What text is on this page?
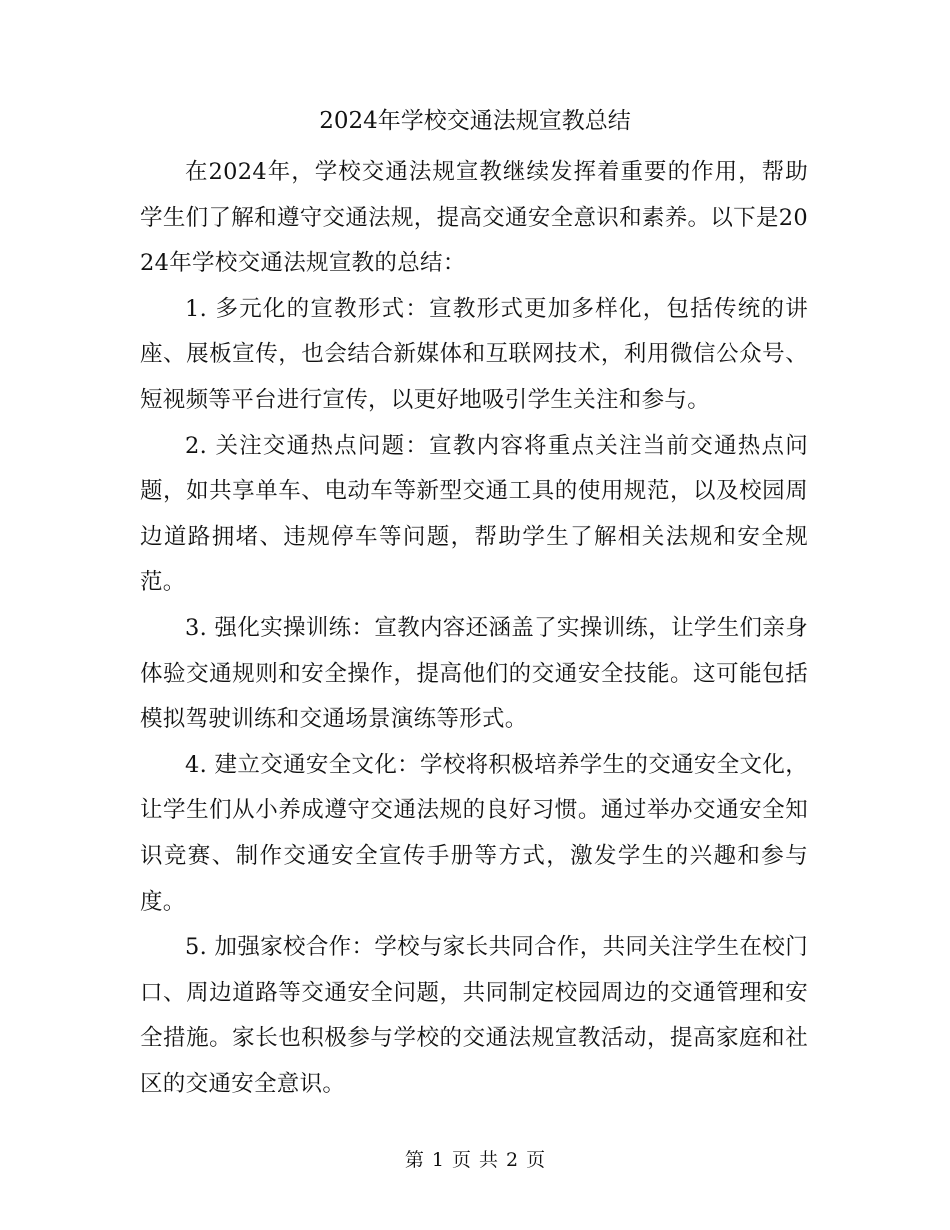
2024年学校交通法规宣教总结

在2024年，学校交通法规宣教继续发挥着重要的作用，帮助学生们了解和遵守交通法规，提高交通安全意识和素养。以下是2024年学校交通法规宣教的总结：

1. 多元化的宣教形式：宣教形式更加多样化，包括传统的讲座、展板宣传，也会结合新媒体和互联网技术，利用微信公众号、短视频等平台进行宣传，以更好地吸引学生关注和参与。

2. 关注交通热点问题：宣教内容将重点关注当前交通热点问题，如共享单车、电动车等新型交通工具的使用规范，以及校园周边道路拥堵、违规停车等问题，帮助学生了解相关法规和安全规范。

3. 强化实操训练：宣教内容还涵盖了实操训练，让学生们亲身体验交通规则和安全操作，提高他们的交通安全技能。这可能包括模拟驾驶训练和交通场景演练等形式。

4. 建立交通安全文化：学校将积极培养学生的交通安全文化，让学生们从小养成遵守交通法规的良好习惯。通过举办交通安全知识竞赛、制作交通安全宣传手册等方式，激发学生的兴趣和参与度。

5. 加强家校合作：学校与家长共同合作，共同关注学生在校门口、周边道路等交通安全问题，共同制定校园周边的交通管理和安全措施。家长也积极参与学校的交通法规宣教活动，提高家庭和社区的交通安全意识。

第 1 页 共 2 页
